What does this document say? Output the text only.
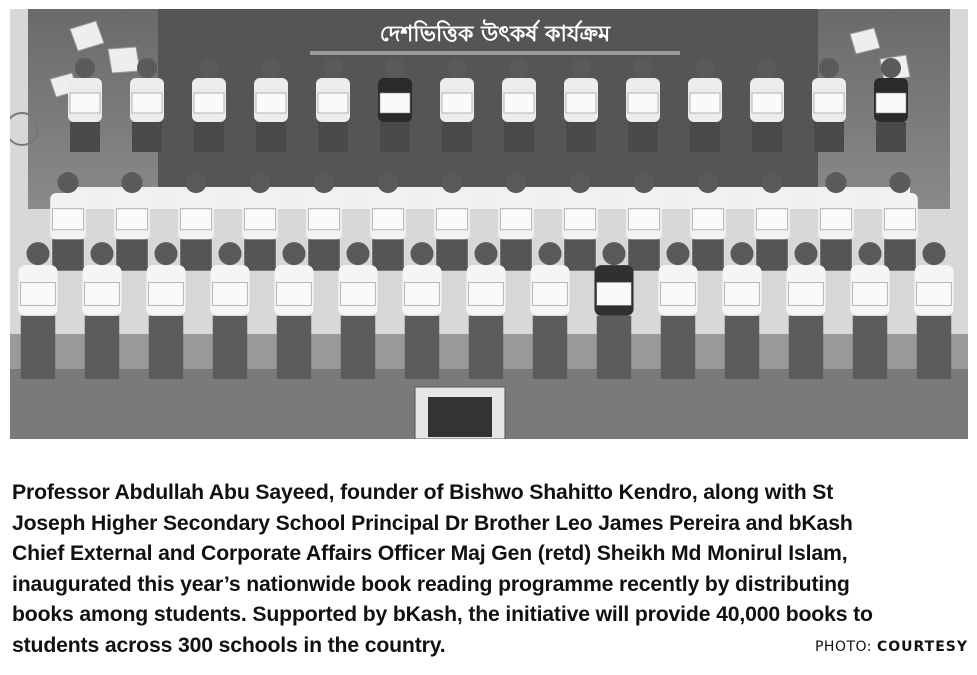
দেশভিত্তিক উৎকর্ষ কার্যক্রম
Professor Abdullah Abu Sayeed, founder of Bishwo Shahitto Kendro, along with St
Joseph Higher Secondary School Principal Dr Brother Leo James Pereira and bKash
Chief External and Corporate Affairs Officer Maj Gen (retd) Sheikh Md Monirul Islam,
inaugurated this year’s nationwide book reading programme recently by distributing
books among students. Supported by bKash, the initiative will provide 40,000 books to
students across 300 schools in the country.	PHOTO: COURTESY
